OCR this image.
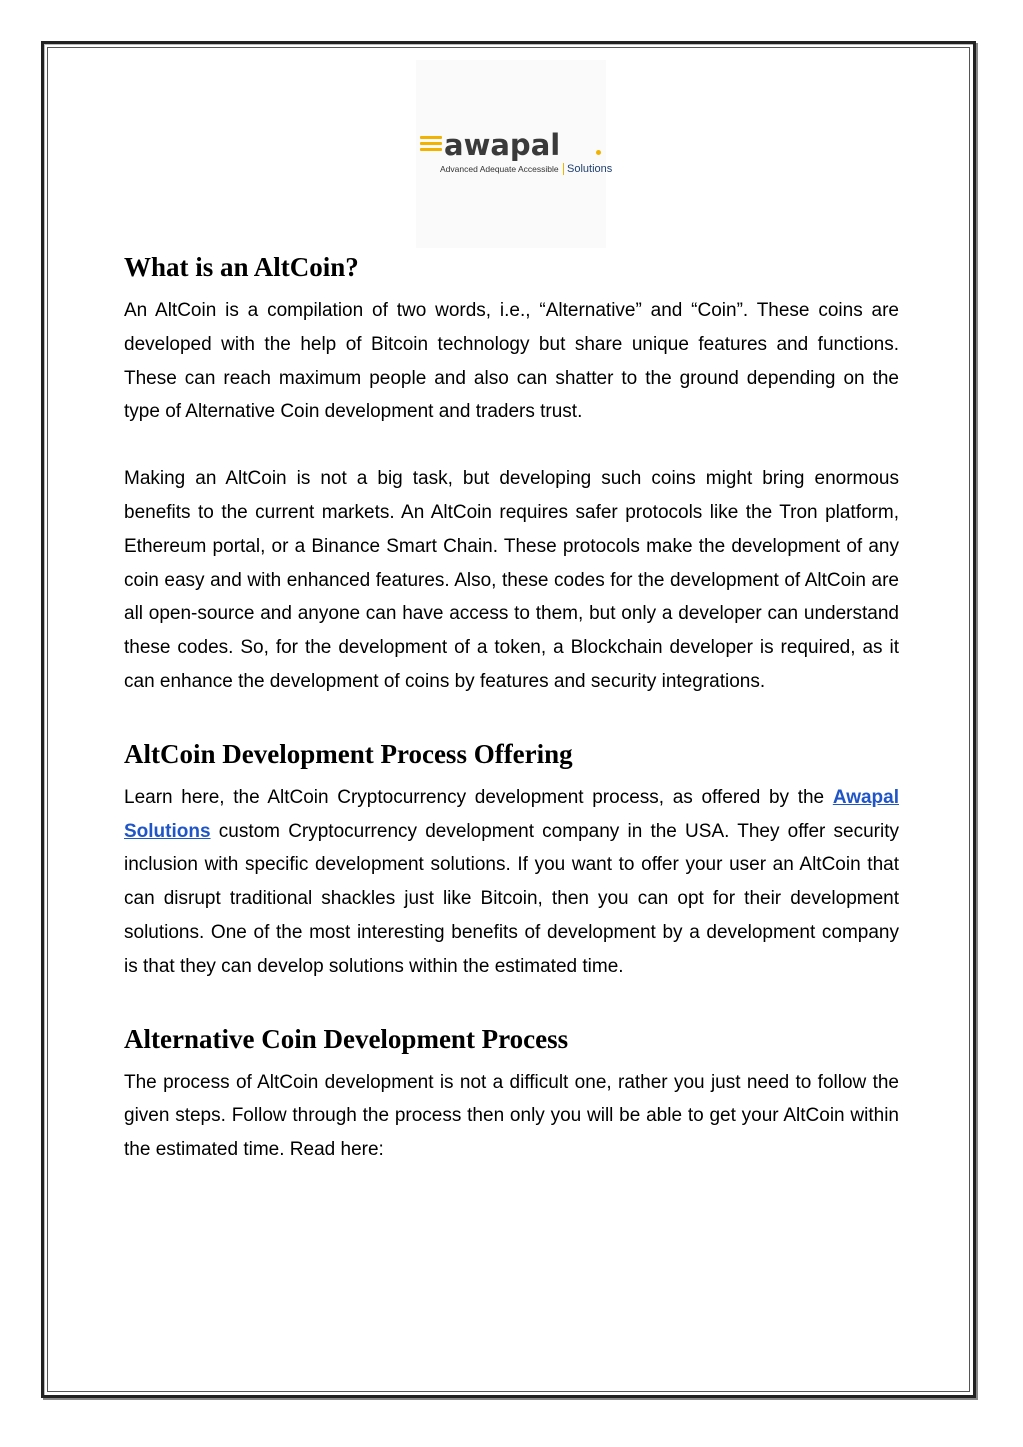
awapal
Advanced Adequate Accessible Solutions
What is an AltCoin?

An AltCoin is a compilation of two words, i.e., “Alternative” and “Coin”. These coins are developed with the help of Bitcoin technology but share unique features and functions. These can reach maximum people and also can shatter to the ground depending on the type of Alternative Coin development and traders trust.

Making an AltCoin is not a big task, but developing such coins might bring enormous benefits to the current markets. An AltCoin requires safer protocols like the Tron platform, Ethereum portal, or a Binance Smart Chain. These protocols make the development of any coin easy and with enhanced features. Also, these codes for the development of AltCoin are all open-source and anyone can have access to them, but only a developer can understand these codes. So, for the development of a token, a Blockchain developer is required, as it can enhance the development of coins by features and security integrations.

AltCoin Development Process Offering

Learn here, the AltCoin Cryptocurrency development process, as offered by the Awapal Solutions custom Cryptocurrency development company in the USA. They offer security inclusion with specific development solutions. If you want to offer your user an AltCoin that can disrupt traditional shackles just like Bitcoin, then you can opt for their development solutions. One of the most interesting benefits of development by a development company is that they can develop solutions within the estimated time.

Alternative Coin Development Process

The process of AltCoin development is not a difficult one, rather you just need to follow the given steps. Follow through the process then only you will be able to get your AltCoin within the estimated time. Read here:
